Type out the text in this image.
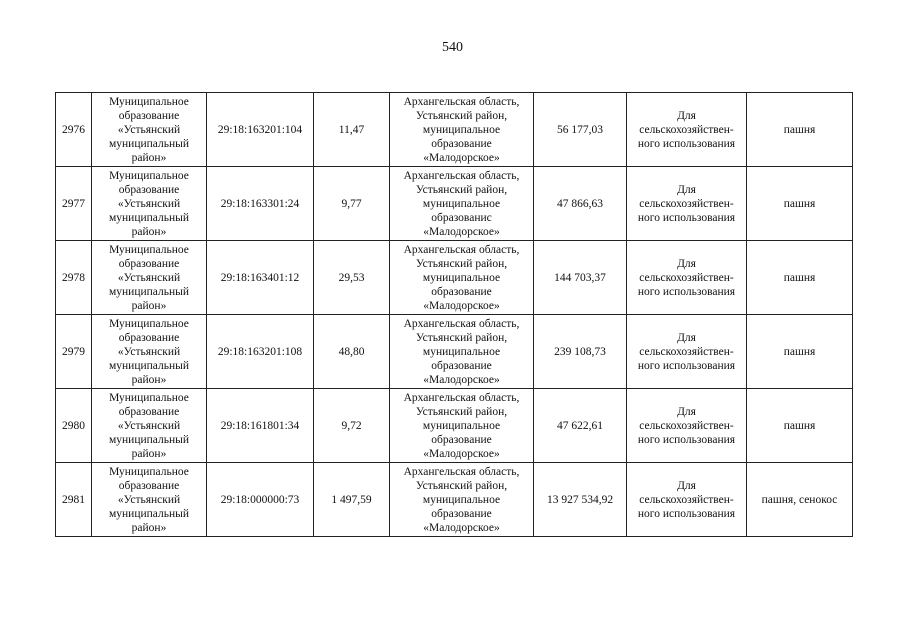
540
2976	Муниципальное
образование
«Устьянский
муниципальный
район»	29:18:163201:104	11,47	Архангельская область,
Устьянский район,
муниципальное
образование
«Малодорское»	56 177,03	Для
сельскохозяйствен-
ного использования	пашня
2977	Муниципальное
образование
«Устьянский
муниципальный
район»	29:18:163301:24	9,77	Архангельская область,
Устьянский район,
муниципальное
образованис
«Малодорское»	47 866,63	Для
сельскохозяйствен-
ного использования	пашня
2978	Муниципальное
образование
«Устьянский
муниципальный
район»	29:18:163401:12	29,53	Архангельская область,
Устьянский район,
муниципальное
образование
«Малодорское»	144 703,37	Для
сельскохозяйствен-
ного использования	пашня
2979	Муниципальное
образование
«Устьянский
муниципальный
район»	29:18:163201:108	48,80	Архангельская область,
Устьянский район,
муниципальное
образование
«Малодорское»	239 108,73	Для
сельскохозяйствен-
ного использования	пашня
2980	Муниципальное
образование
«Устьянский
муниципальный
район»	29:18:161801:34	9,72	Архангельская область,
Устьянский район,
муниципальное
образование
«Малодорское»	47 622,61	Для
сельскохозяйствен-
ного использования	пашня
2981	Муниципальное
образование
«Устьянский
муниципальный
район»	29:18:000000:73	1 497,59	Архангельская область,
Устьянский район,
муниципальное
образование
«Малодорское»	13 927 534,92	Для
сельскохозяйствен-
ного использования	пашня, сенокос
